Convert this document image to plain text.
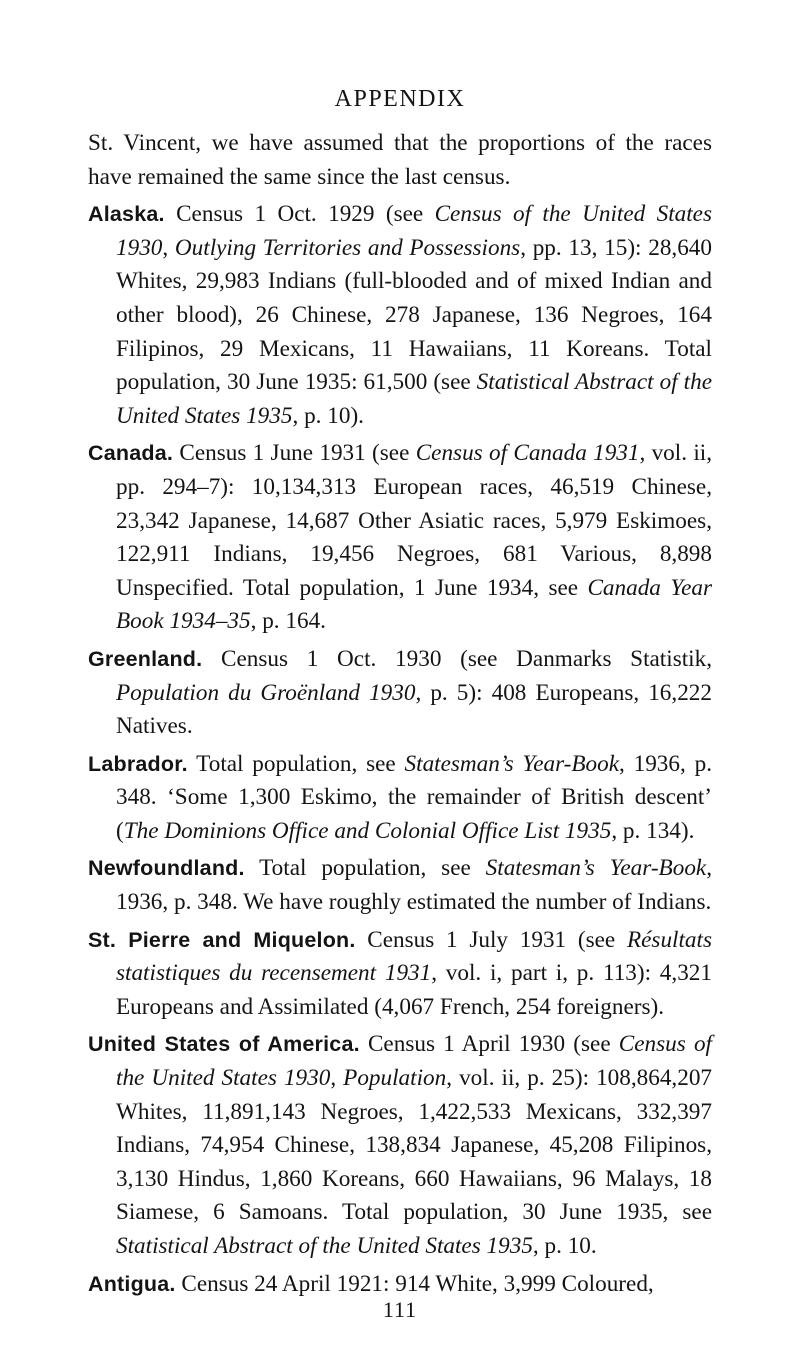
APPENDIX

St. Vincent, we have assumed that the proportions of the races have remained the same since the last census.

Alaska. Census 1 Oct. 1929 (see Census of the United States 1930, Outlying Territories and Possessions, pp. 13, 15): 28,640 Whites, 29,983 Indians (full-blooded and of mixed Indian and other blood), 26 Chinese, 278 Japanese, 136 Negroes, 164 Filipinos, 29 Mexicans, 11 Hawaiians, 11 Koreans. Total population, 30 June 1935: 61,500 (see Statistical Abstract of the United States 1935, p. 10).

Canada. Census 1 June 1931 (see Census of Canada 1931, vol. ii, pp. 294–7): 10,134,313 European races, 46,519 Chinese, 23,342 Japanese, 14,687 Other Asiatic races, 5,979 Eskimoes, 122,911 Indians, 19,456 Negroes, 681 Various, 8,898 Unspecified. Total population, 1 June 1934, see Canada Year Book 1934–35, p. 164.

Greenland. Census 1 Oct. 1930 (see Danmarks Statistik, Population du Groënland 1930, p. 5): 408 Europeans, 16,222 Natives.

Labrador. Total population, see Statesman’s Year-Book, 1936, p. 348. ‘Some 1,300 Eskimo, the remainder of British descent’ (The Dominions Office and Colonial Office List 1935, p. 134).

Newfoundland. Total population, see Statesman’s Year-Book, 1936, p. 348. We have roughly estimated the number of Indians.

St. Pierre and Miquelon. Census 1 July 1931 (see Résultats statistiques du recensement 1931, vol. i, part i, p. 113): 4,321 Europeans and Assimilated (4,067 French, 254 foreigners).

United States of America. Census 1 April 1930 (see Census of the United States 1930, Population, vol. ii, p. 25): 108,864,207 Whites, 11,891,143 Negroes, 1,422,533 Mexicans, 332,397 Indians, 74,954 Chinese, 138,834 Japanese, 45,208 Filipinos, 3,130 Hindus, 1,860 Koreans, 660 Hawaiians, 96 Malays, 18 Siamese, 6 Samoans. Total population, 30 June 1935, see Statistical Abstract of the United States 1935, p. 10.

Antigua. Census 24 April 1921: 914 White, 3,999 Coloured,

111
